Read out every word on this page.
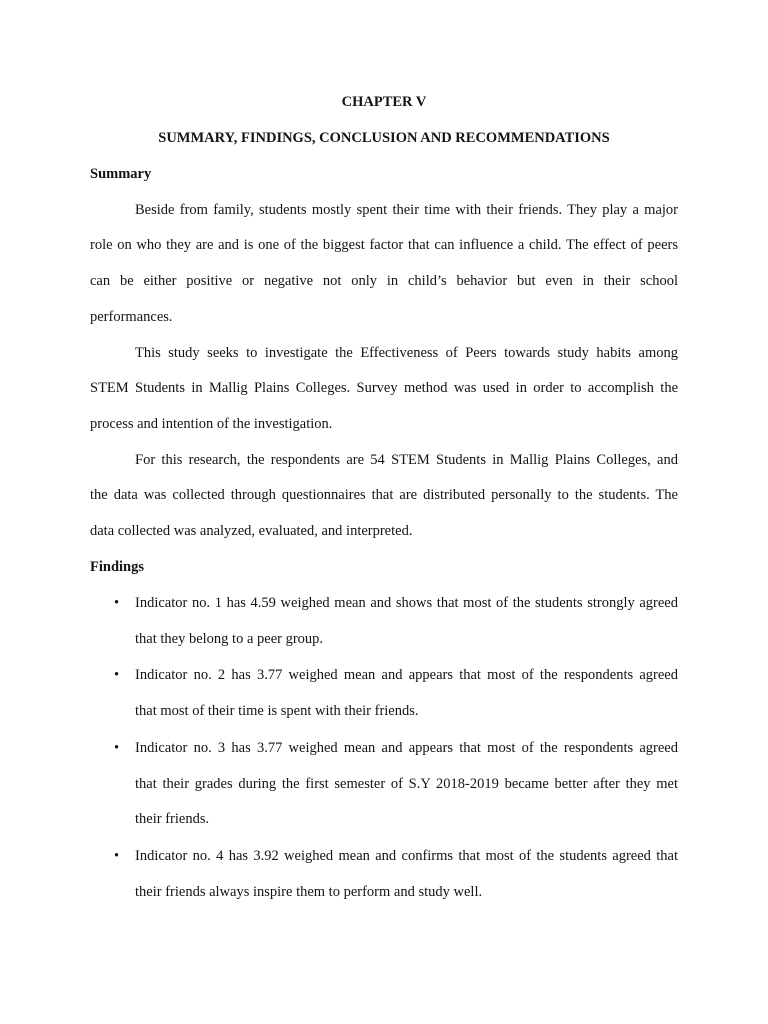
CHAPTER V
SUMMARY, FINDINGS, CONCLUSION AND RECOMMENDATIONS
Summary
Beside from family, students mostly spent their time with their friends. They play a major
role on who they are and is one of the biggest factor that can influence a child. The effect of peers
can be either positive or negative not only in child’s behavior but even in their school
performances.
This study seeks to investigate the Effectiveness of Peers towards study habits among
STEM Students in Mallig Plains Colleges. Survey method was used in order to accomplish the
process and intention of the investigation.
For this research, the respondents are 54 STEM Students in Mallig Plains Colleges, and
the data was collected through questionnaires that are distributed personally to the students. The
data collected was analyzed, evaluated, and interpreted.
Findings
• Indicator no. 1 has 4.59 weighed mean and shows that most of the students strongly agreed
that they belong to a peer group.
• Indicator no. 2 has 3.77 weighed mean and appears that most of the respondents agreed
that most of their time is spent with their friends.
• Indicator no. 3 has 3.77 weighed mean and appears that most of the respondents agreed
that their grades during the first semester of S.Y 2018-2019 became better after they met
their friends.
• Indicator no. 4 has 3.92 weighed mean and confirms that most of the students agreed that
their friends always inspire them to perform and study well.
